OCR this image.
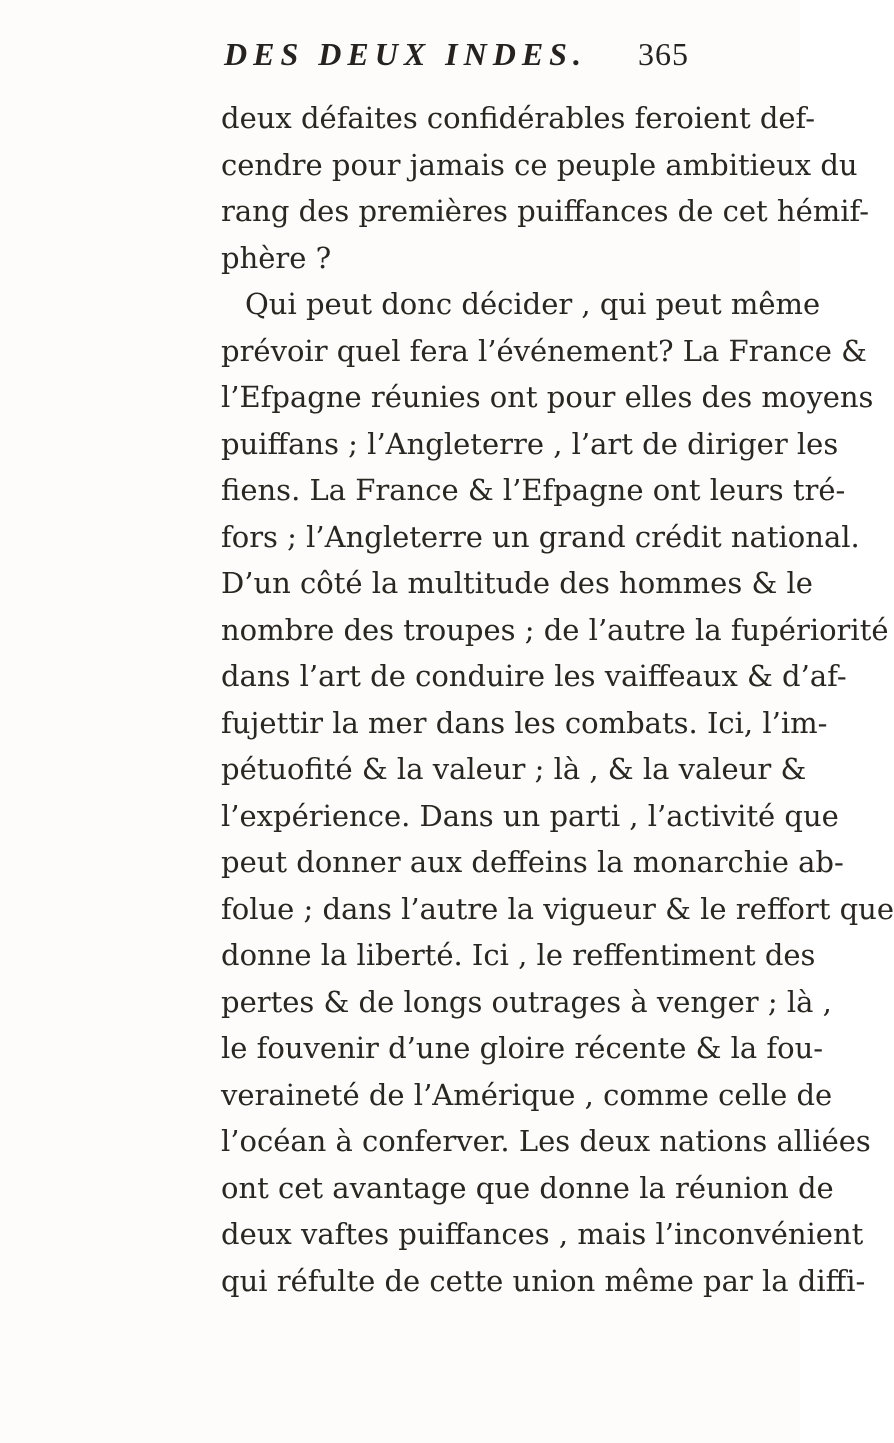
DES DEUX INDES. 365
deux défaites confidérables feroient def-
cendre pour jamais ce peuple ambitieux du
rang des premières puiffances de cet hémif-
phère ?
Qui peut donc décider , qui peut même
prévoir quel fera l’événement? La France &
l’Efpagne réunies ont pour elles des moyens
puiffans ; l’Angleterre , l’art de diriger les
fiens. La France & l’Efpagne ont leurs tré-
fors ; l’Angleterre un grand crédit national.
D’un côté la multitude des hommes & le
nombre des troupes ; de l’autre la fupériorité
dans l’art de conduire les vaiffeaux & d’af-
fujettir la mer dans les combats. Ici, l’im-
pétuofité & la valeur ; là , & la valeur &
l’expérience. Dans un parti , l’activité que
peut donner aux deffeins la monarchie ab-
folue ; dans l’autre la vigueur & le reffort que
donne la liberté. Ici , le reffentiment des
pertes & de longs outrages à venger ; là ,
le fouvenir d’une gloire récente & la fou-
veraineté de l’Amérique , comme celle de
l’océan à conferver. Les deux nations alliées
ont cet avantage que donne la réunion de
deux vaftes puiffances , mais l’inconvénient
qui réfulte de cette union même par la diffi-
